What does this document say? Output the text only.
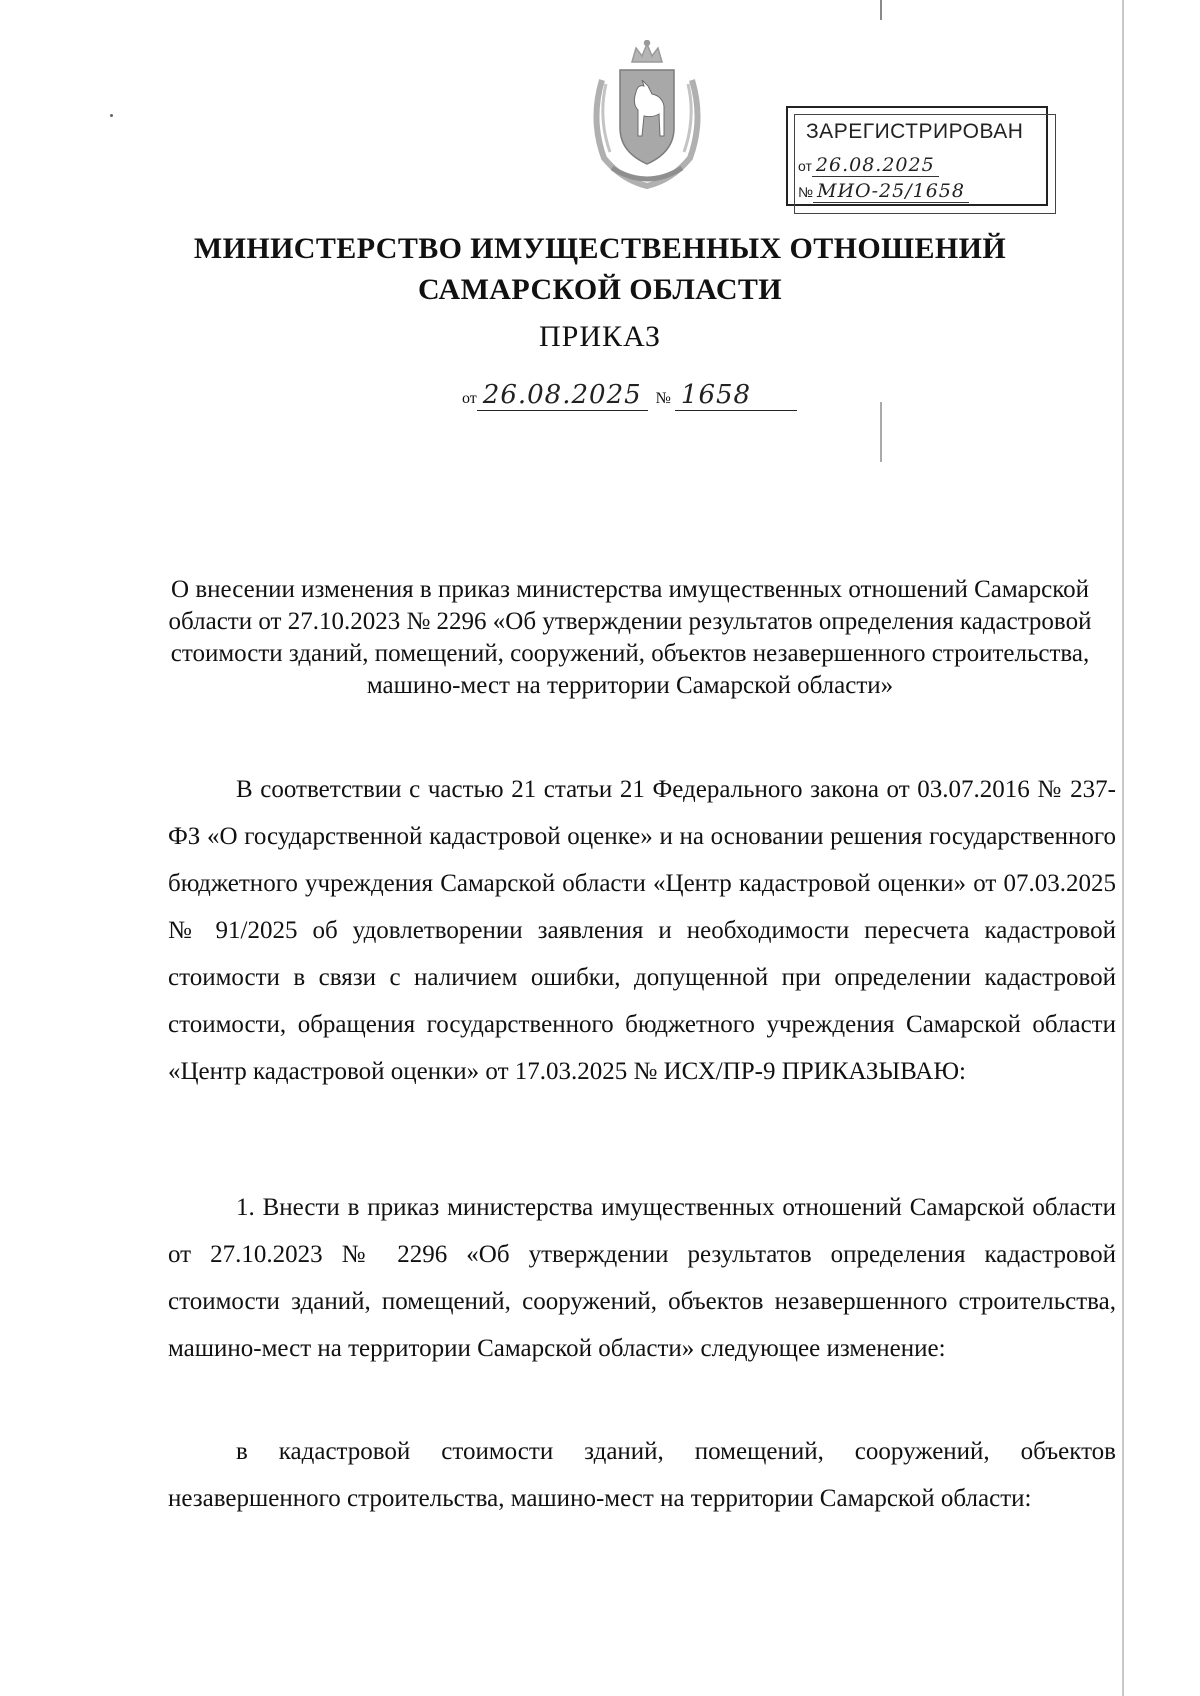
ЗАРЕГИСТРИРОВАН
от 26.08.2025
№ МИО-25/1658
МИНИСТЕРСТВО ИМУЩЕСТВЕННЫХ ОТНОШЕНИЙ
САМАРСКОЙ ОБЛАСТИ
ПРИКАЗ
от 26.08.2025 № 1658
О внесении изменения в приказ министерства имущественных отношений Самарской области от 27.10.2023 № 2296 «Об утверждении результатов определения кадастровой стоимости зданий, помещений, сооружений, объектов незавершенного строительства, машино-мест на территории Самарской области»
В соответствии с частью 21 статьи 21 Федерального закона от 03.07.2016 № 237-ФЗ «О государственной кадастровой оценке» и на основании решения государственного бюджетного учреждения Самарской области «Центр кадастровой оценки» от 07.03.2025 № 91/2025 об удовлетворении заявления и необходимости пересчета кадастровой стоимости в связи с наличием ошибки, допущенной при определении кадастровой стоимости, обращения государственного бюджетного учреждения Самарской области «Центр кадастровой оценки» от 17.03.2025 № ИСХ/ПР-9 ПРИКАЗЫВАЮ:
1. Внести в приказ министерства имущественных отношений Самарской области от 27.10.2023 № 2296 «Об утверждении результатов определения кадастровой стоимости зданий, помещений, сооружений, объектов незавершенного строительства, машино-мест на территории Самарской области» следующее изменение:
в кадастровой стоимости зданий, помещений, сооружений, объектов незавершенного строительства, машино-мест на территории Самарской области:
